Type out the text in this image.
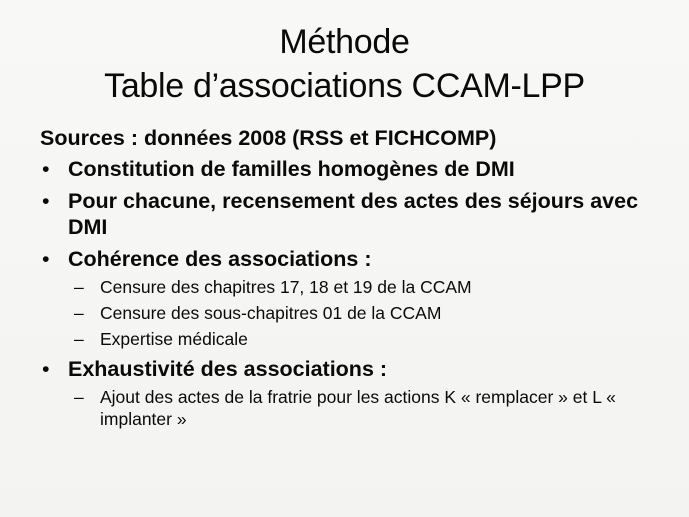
Méthode
Table d’associations CCAM-LPP
Sources : données 2008 (RSS et FICHCOMP)
• Constitution de familles homogènes de DMI
• Pour chacune, recensement des actes des séjours avec DMI
• Cohérence des associations :
– Censure des chapitres 17, 18 et 19 de la CCAM
– Censure des sous-chapitres 01 de la CCAM
– Expertise médicale
• Exhaustivité des associations :
– Ajout des actes de la fratrie pour les actions K « remplacer » et L « implanter »
